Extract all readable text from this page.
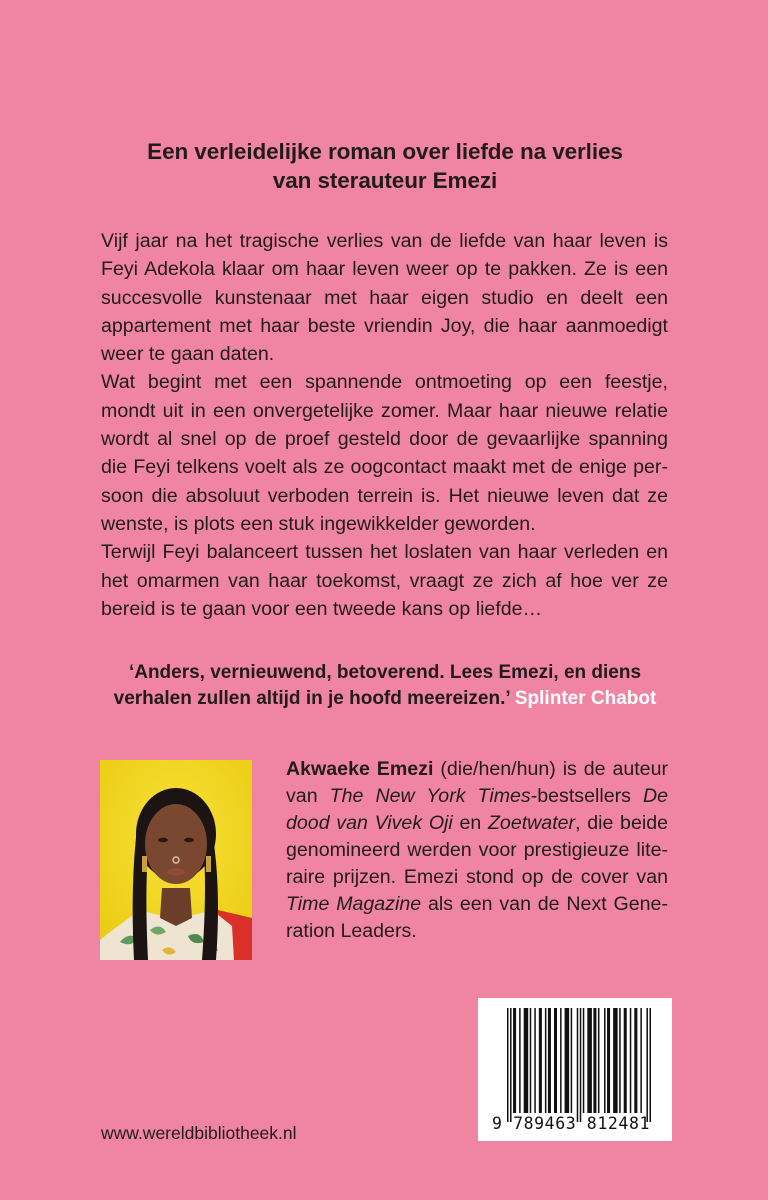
Een verleidelijke roman over liefde na verlies
van sterauteur Emezi

Vijf jaar na het tragische verlies van de liefde van haar leven is Feyi Adekola klaar om haar leven weer op te pakken. Ze is een succesvolle kunstenaar met haar eigen studio en deelt een appartement met haar beste vriendin Joy, die haar aanmoedigt weer te gaan daten.

Wat begint met een spannende ontmoeting op een feestje, mondt uit in een onvergetelijke zomer. Maar haar nieuwe relatie wordt al snel op de proef gesteld door de gevaarlijke spanning die Feyi telkens voelt als ze oogcontact maakt met de enige persoon die absoluut verboden terrein is. Het nieuwe leven dat ze wenste, is plots een stuk ingewikkelder geworden.

Terwijl Feyi balanceert tussen het loslaten van haar verleden en het omarmen van haar toekomst, vraagt ze zich af hoe ver ze bereid is te gaan voor een tweede kans op liefde…

‘Anders, vernieuwend, betoverend. Lees Emezi, en diens
verhalen zullen altijd in je hoofd meereizen.’ Splinter Chabot

Akwaeke Emezi (die/hen/hun) is de auteur van The New York Times-bestsellers De dood van Vivek Oji en Zoetwater, die beide genomineerd werden voor prestigieuze literaire prijzen. Emezi stond op de cover van Time Magazine als een van de Next Generation Leaders.

9 789463 812481

www.wereldbibliotheek.nl
